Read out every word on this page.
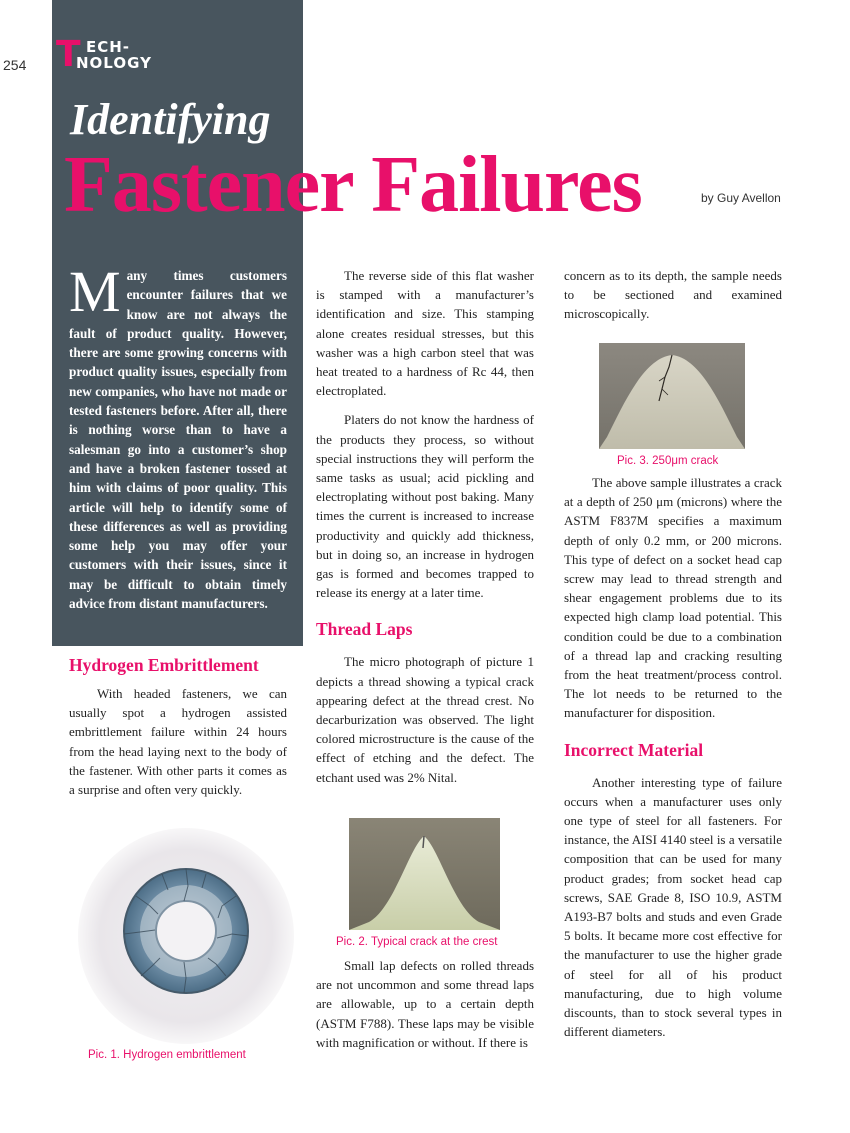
254 T ECH-
NOLOGY
Identifying
Fastener Failures	by Guy Avellon
Many times customers encounter failures that we know are not always the fault of product quality. However, there are some growing concerns with product quality issues, especially from new companies, who have not made or tested fasteners before. After all, there is nothing worse than to have a salesman go into a customer’s shop and have a broken fastener tossed at him with claims of poor quality. This article will help to identify some of these differences as well as providing some help you may offer your customers with their issues, since it may be difficult to obtain timely advice from distant manufacturers.
Hydrogen Embrittlement

With headed fasteners, we can usually spot a hydrogen assisted embrittlement failure within 24 hours from the head laying next to the body of the fastener. With other parts it comes as a surprise and often very quickly.

Pic. 1. Hydrogen embrittlement

The reverse side of this flat washer is stamped with a manufacturer’s identification and size. This stamping alone creates residual stresses, but this washer was a high carbon steel that was heat treated to a hardness of Rc 44, then electroplated.

Platers do not know the hardness of the products they process, so without special instructions they will perform the same tasks as usual; acid pickling and electroplating without post baking. Many times the current is increased to increase productivity and quickly add thickness, but in doing so, an increase in hydrogen gas is formed and becomes trapped to release its energy at a later time.

Thread Laps

The micro photograph of picture 1 depicts a thread showing a typical crack appearing defect at the thread crest. No decarburization was observed. The light colored microstructure is the cause of the effect of etching and the defect. The etchant used was 2% Nital.

Pic. 2. Typical crack at the crest

Small lap defects on rolled threads are not uncommon and some thread laps are allowable, up to a certain depth (ASTM F788). These laps may be visible with magnification or without. If there is

concern as to its depth, the sample needs to be sectioned and examined microscopically.

Pic. 3. 250μm crack

The above sample illustrates a crack at a depth of 250 μm (microns) where the ASTM F837M specifies a maximum depth of only 0.2 mm, or 200 microns. This type of defect on a socket head cap screw may lead to thread strength and shear engagement problems due to its expected high clamp load potential. This condition could be due to a combination of a thread lap and cracking resulting from the heat treatment/process control. The lot needs to be returned to the manufacturer for disposition.

Incorrect Material

Another interesting type of failure occurs when a manufacturer uses only one type of steel for all fasteners. For instance, the AISI 4140 steel is a versatile composition that can be used for many product grades; from socket head cap screws, SAE Grade 8, ISO 10.9, ASTM A193-B7 bolts and studs and even Grade 5 bolts. It became more cost effective for the manufacturer to use the higher grade of steel for all of his product manufacturing, due to high volume discounts, than to stock several types in different diameters.
